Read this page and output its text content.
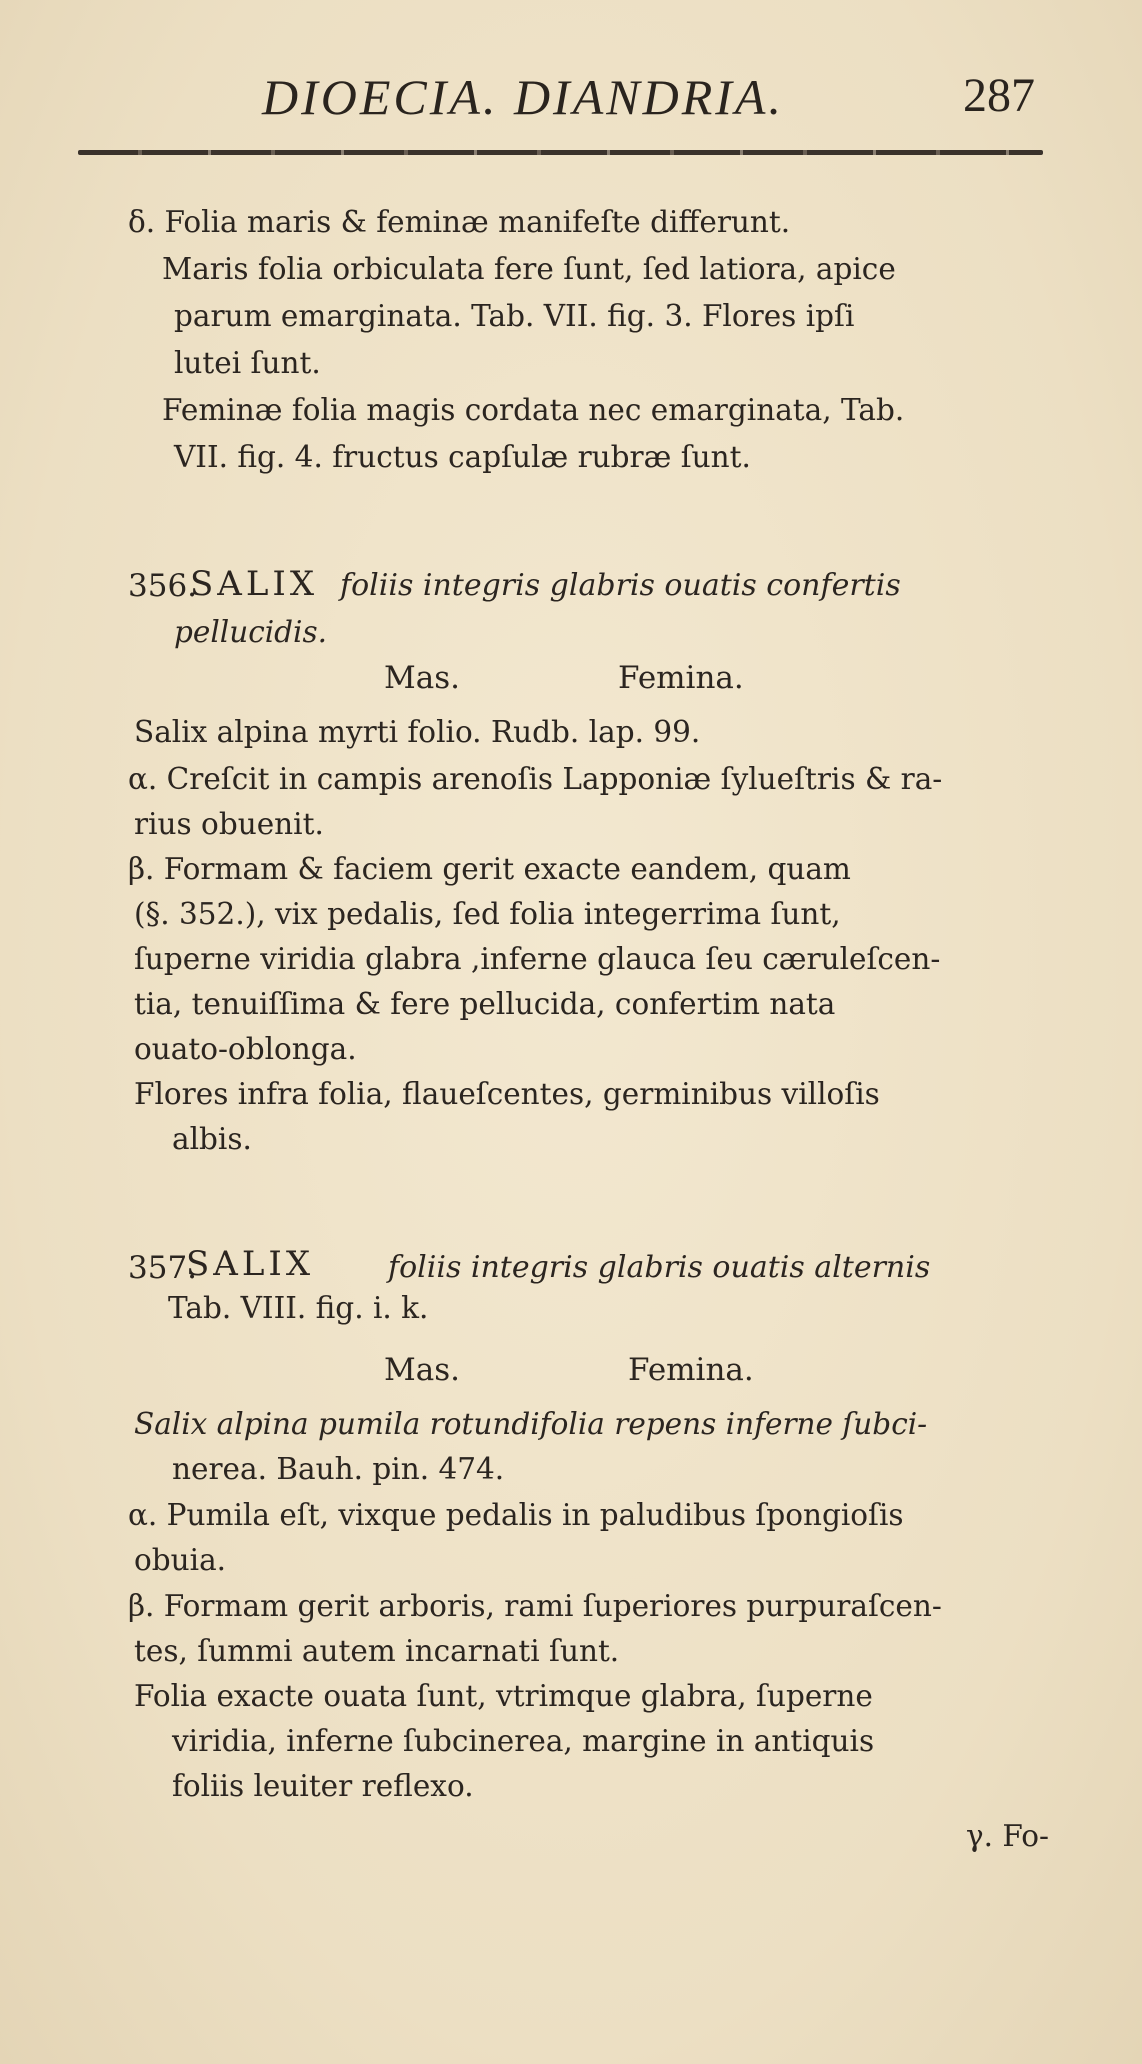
DIOECIA. DIANDRIA.	287
δ. Folia maris & feminæ manifeſte differunt.
Maris folia orbiculata fere ſunt, ſed latiora, apice
parum emarginata. Tab. VII. fig. 3. Flores ipſi
lutei ſunt.
Feminæ folia magis cordata nec emarginata, Tab.
VII. fig. 4. fructus capſulæ rubræ ſunt.
356.
SALIX foliis integris glabris ouatis confertis
pellucidis.
Mas.	Femina.
Salix alpina myrti folio. Rudb. lap. 99.
α. Creſcit in campis arenoſis Lapponiæ ſylueſtris & ra-
rius obuenit.
β. Formam & faciem gerit exacte eandem, quam
(§. 352.), vix pedalis, ſed folia integerrima ſunt,
ſuperne viridia glabra ,inferne glauca ſeu cæruleſcen-
tia, tenuiſſima & fere pellucida, confertim nata
ouato-oblonga.
Flores infra folia, flaueſcentes, germinibus villoſis
albis.
357.
SALIX foliis integris glabris ouatis alternis
Tab. VIII. fig. i. k.
Mas.	Femina.
Salix alpina pumila rotundifolia repens inferne ſubci-
nerea. Bauh. pin. 474.
α. Pumila eſt, vixque pedalis in paludibus ſpongioſis
obuia.
β. Formam gerit arboris, rami ſuperiores purpuraſcen-
tes, ſummi autem incarnati ſunt.
Folia exacte ouata ſunt, vtrimque glabra, ſuperne
viridia, inferne ſubcinerea, margine in antiquis
foliis leuiter reflexo.
γ. Fo-
